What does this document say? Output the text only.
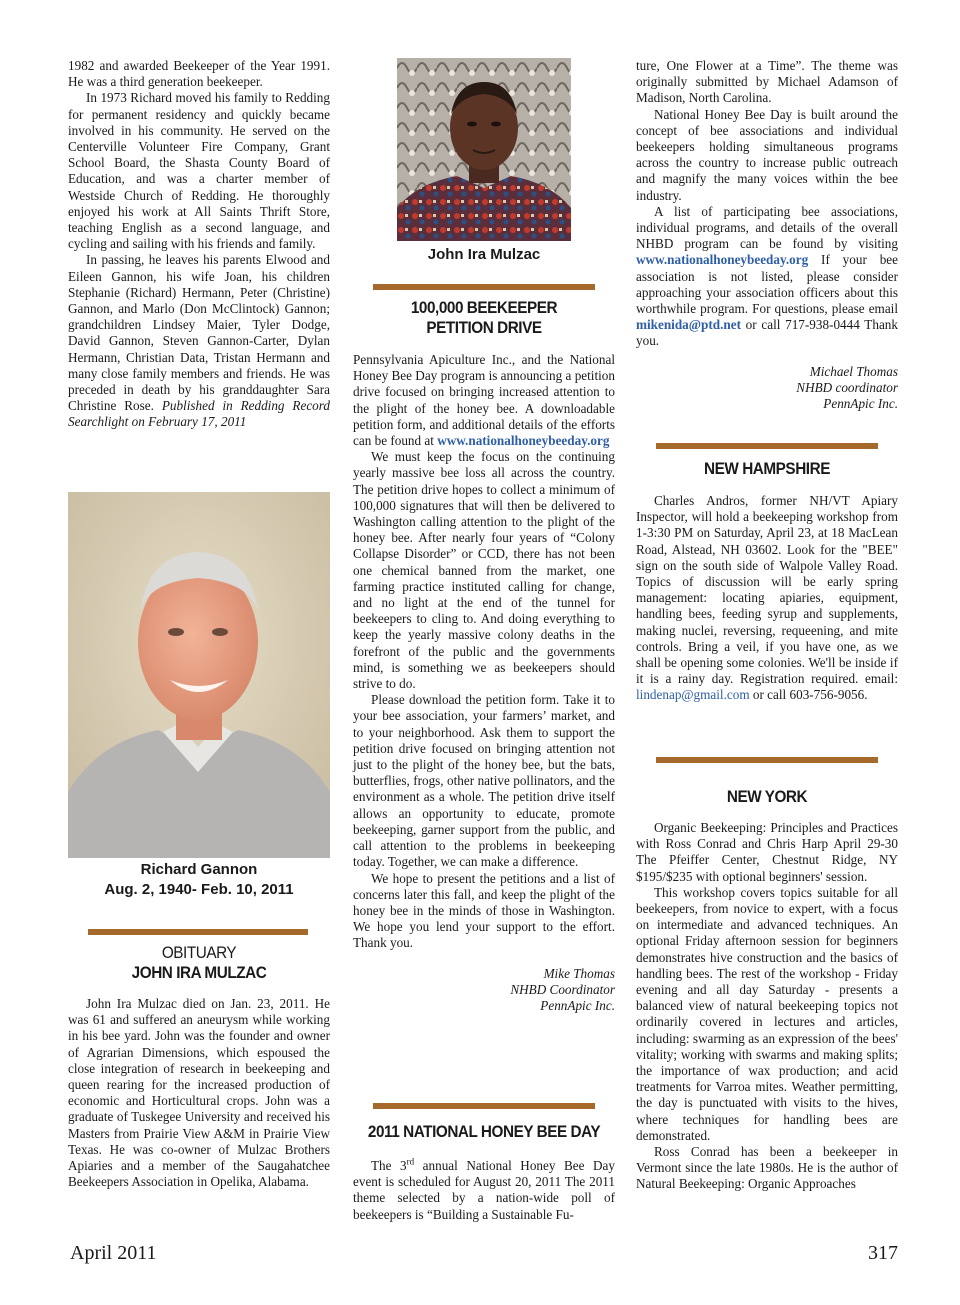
1982 and awarded Beekeeper of the Year 1991. He was a third generation beekeeper.

In 1973 Richard moved his family to Redding for permanent residency and quickly became involved in his community. He served on the Centerville Volunteer Fire Company, Grant School Board, the Shasta County Board of Education, and was a charter member of Westside Church of Redding. He thoroughly enjoyed his work at All Saints Thrift Store, teaching English as a second language, and cycling and sailing with his friends and family.

In passing, he leaves his parents Elwood and Eileen Gannon, his wife Joan, his children Stephanie (Richard) Hermann, Peter (Christine) Gannon, and Marlo (Don McClintock) Gannon; grandchildren Lindsey Maier, Tyler Dodge, David Gannon, Steven Gannon-Carter, Dylan Hermann, Christian Data, Tristan Hermann and many close family members and friends. He was preceded in death by his granddaughter Sara Christine Rose. Published in Redding Record Searchlight on February 17, 2011

Richard Gannon
Aug. 2, 1940- Feb. 10, 2011
OBITUARY
JOHN IRA MULZAC

John Ira Mulzac died on Jan. 23, 2011. He was 61 and suffered an aneurysm while working in his bee yard. John was the founder and owner of Agrarian Dimensions, which espoused the close integration of research in beekeeping and queen rearing for the increased production of economic and Horticultural crops. John was a graduate of Tuskegee University and received his Masters from Prairie View A&M in Prairie View Texas. He was co-owner of Mulzac Brothers Apiaries and a member of the Saugahatchee Beekeepers Association in Opelika, Alabama.

John Ira Mulzac
100,000 BEEKEEPER
PETITION DRIVE

Pennsylvania Apiculture Inc., and the National Honey Bee Day program is announcing a petition drive focused on bringing increased attention to the plight of the honey bee. A downloadable petition form, and additional details of the efforts can be found at www.nationalhoneybeeday.org

We must keep the focus on the continuing yearly massive bee loss all across the country. The petition drive hopes to collect a minimum of 100,000 signatures that will then be delivered to Washington calling attention to the plight of the honey bee. After nearly four years of “Colony Collapse Disorder” or CCD, there has not been one chemical banned from the market, one farming practice instituted calling for change, and no light at the end of the tunnel for beekeepers to cling to. And doing everything to keep the yearly massive colony deaths in the forefront of the public and the governments mind, is something we as beekeepers should strive to do.

Please download the petition form. Take it to your bee association, your farmers’ market, and to your neighborhood. Ask them to support the petition drive focused on bringing attention not just to the plight of the honey bee, but the bats, butterflies, frogs, other native pollinators, and the environment as a whole. The petition drive itself allows an opportunity to educate, promote beekeeping, garner support from the public, and call attention to the problems in beekeeping today. Together, we can make a difference.

We hope to present the petitions and a list of concerns later this fall, and keep the plight of the honey bee in the minds of those in Washington. We hope you lend your support to the effort. Thank you.

Mike Thomas
NHBD Coordinator
PennApic Inc.

2011 NATIONAL HONEY BEE DAY

The 3rd annual National Honey Bee Day event is scheduled for August 20, 2011 The 2011 theme selected by a nation-wide poll of beekeepers is “Building a Sustainable Fu-

ture, One Flower at a Time”. The theme was originally submitted by Michael Adamson of Madison, North Carolina.

National Honey Bee Day is built around the concept of bee associations and individual beekeepers holding simultaneous programs across the country to increase public outreach and magnify the many voices within the bee industry.

A list of participating bee associations, individual programs, and details of the overall NHBD program can be found by visiting www.nationalhoneybeeday.org If your bee association is not listed, please consider approaching your association officers about this worthwhile program. For questions, please email mikenida@ptd.net or call 717-938-0444 Thank you.

Michael Thomas
NHBD coordinator
PennApic Inc.

NEW HAMPSHIRE

Charles Andros, former NH/VT Apiary Inspector, will hold a beekeeping workshop from 1-3:30 PM on Saturday, April 23, at 18 MacLean Road, Alstead, NH 03602. Look for the "BEE" sign on the south side of Walpole Valley Road. Topics of discussion will be early spring management: locating apiaries, equipment, handling bees, feeding syrup and supplements, making nuclei, reversing, requeening, and mite controls. Bring a veil, if you have one, as we shall be opening some colonies. We'll be inside if it is a rainy day. Registration required. email: lindenap@gmail.com or call 603-756-9056.

NEW YORK

Organic Beekeeping: Principles and Practices with Ross Conrad and Chris Harp April 29-30 The Pfeiffer Center, Chestnut Ridge, NY $195/$235 with optional beginners' session.

This workshop covers topics suitable for all beekeepers, from novice to expert, with a focus on intermediate and advanced techniques. An optional Friday afternoon session for beginners demonstrates hive construction and the basics of handling bees. The rest of the workshop - Friday evening and all day Saturday - presents a balanced view of natural beekeeping topics not ordinarily covered in lectures and articles, including: swarming as an expression of the bees' vitality; working with swarms and making splits; the importance of wax production; and acid treatments for Varroa mites. Weather permitting, the day is punctuated with visits to the hives, where techniques for handling bees are demonstrated.

Ross Conrad has been a beekeeper in Vermont since the late 1980s. He is the author of Natural Beekeeping: Organic Approaches

April 2011	317
